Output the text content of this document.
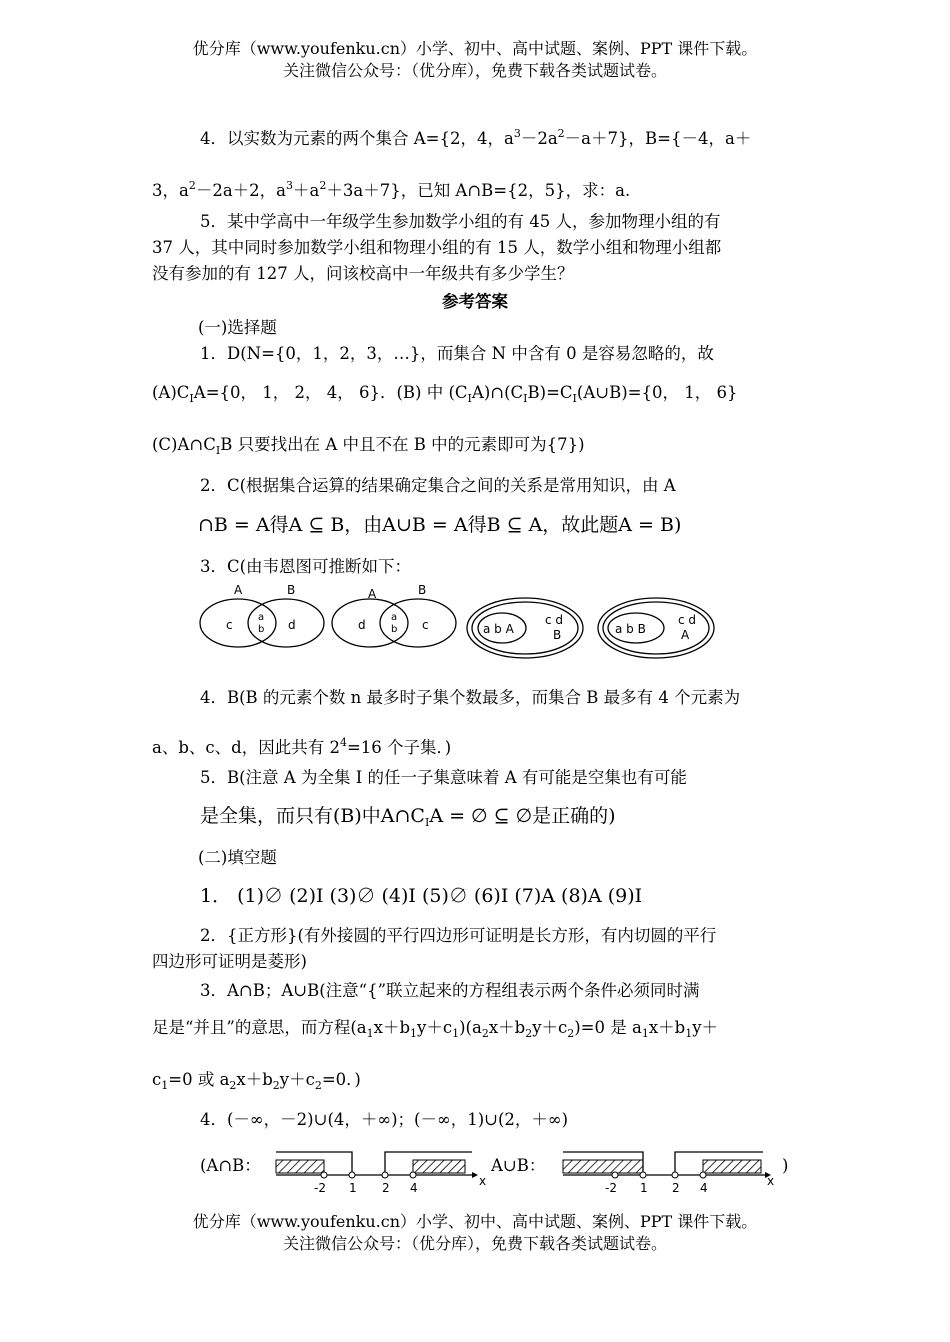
优分库（www.youfenku.cn）小学、初中、高中试题、案例、PPT 课件下载。
关注微信公众号：（优分库），免费下载各类试题试卷。
4．以实数为元素的两个集合 A={2，4，$a^3-2a^2-a+7$}，B={－4，a＋
3，$a^2-2a+2$，$a^3+a^2+3a+7$}，已知 A∩B={2，5}，求：a.
5．某中学高中一年级学生参加数学小组的有 45 人，参加物理小组的有
37 人，其中同时参加数学小组和物理小组的有 15 人，数学小组和物理小组都
没有参加的有 127 人，问该校高中一年级共有多少学生？
参考答案
(一)选择题
1．D(N={0，1，2，3，…}，而集合 N 中含有 0 是容易忽略的，故
$(A)C_IA=\{0$， 1， 2， 4， 6}．(B) 中 $(C_IA)\cap(C_IB)=C_I(A\cup B)=\{0$， 1， 6}
$(C)A\cap C_IB$ 只要找出在 A 中且不在 B 中的元素即可为{7})
2．C(根据集合运算的结果确定集合之间的关系是常用知识，由 A
∩B = A得A ⊆ B，由A∪B = A得B ⊆ A，故此题A = B)
3．C(由韦恩图可推断如下：
A	B
c
a
b d
A	B
d
a
b c	a b A
c d
B	a b B
c d
A
4．B(B 的元素个数 n 最多时子集个数最多，而集合 B 最多有 4 个元素为
a、b、c、d，因此共有 $2^4=16$ 个子集．)
5．B(注意 A 为全集 I 的任一子集意味着 A 有可能是空集也有可能
是全集，而只有(B)中$A\cap C_IA$ = ∅ ⊆ ∅是正确的)
(二)填空题
1． (1)∅ (2)I (3)∅ (4)I (5)∅ (6)I (7)A (8)A (9)I
2．{正方形}(有外接圆的平行四边形可证明是长方形，有内切圆的平行
四边形可证明是菱形)
3．A∩B；A∪B(注意“{”联立起来的方程组表示两个条件必须同时满
足是“并且”的意思，而方程$(a_1x+b_1y+c_1)(a_2x+b_2y+c_2)=0$ 是 $a_1x+b_1y+$
$c_1=0$ 或 $a_2x+b_2y+c_2=0$．)
4．(－∞，－2)∪(4，＋∞)；(－∞，1)∪(2，＋∞)
(A∩B：	A∪B：	)
-2 1 2 4	x	-2 1 2 4	x
优分库（www.youfenku.cn）小学、初中、高中试题、案例、PPT 课件下载。
关注微信公众号：（优分库），免费下载各类试题试卷。
